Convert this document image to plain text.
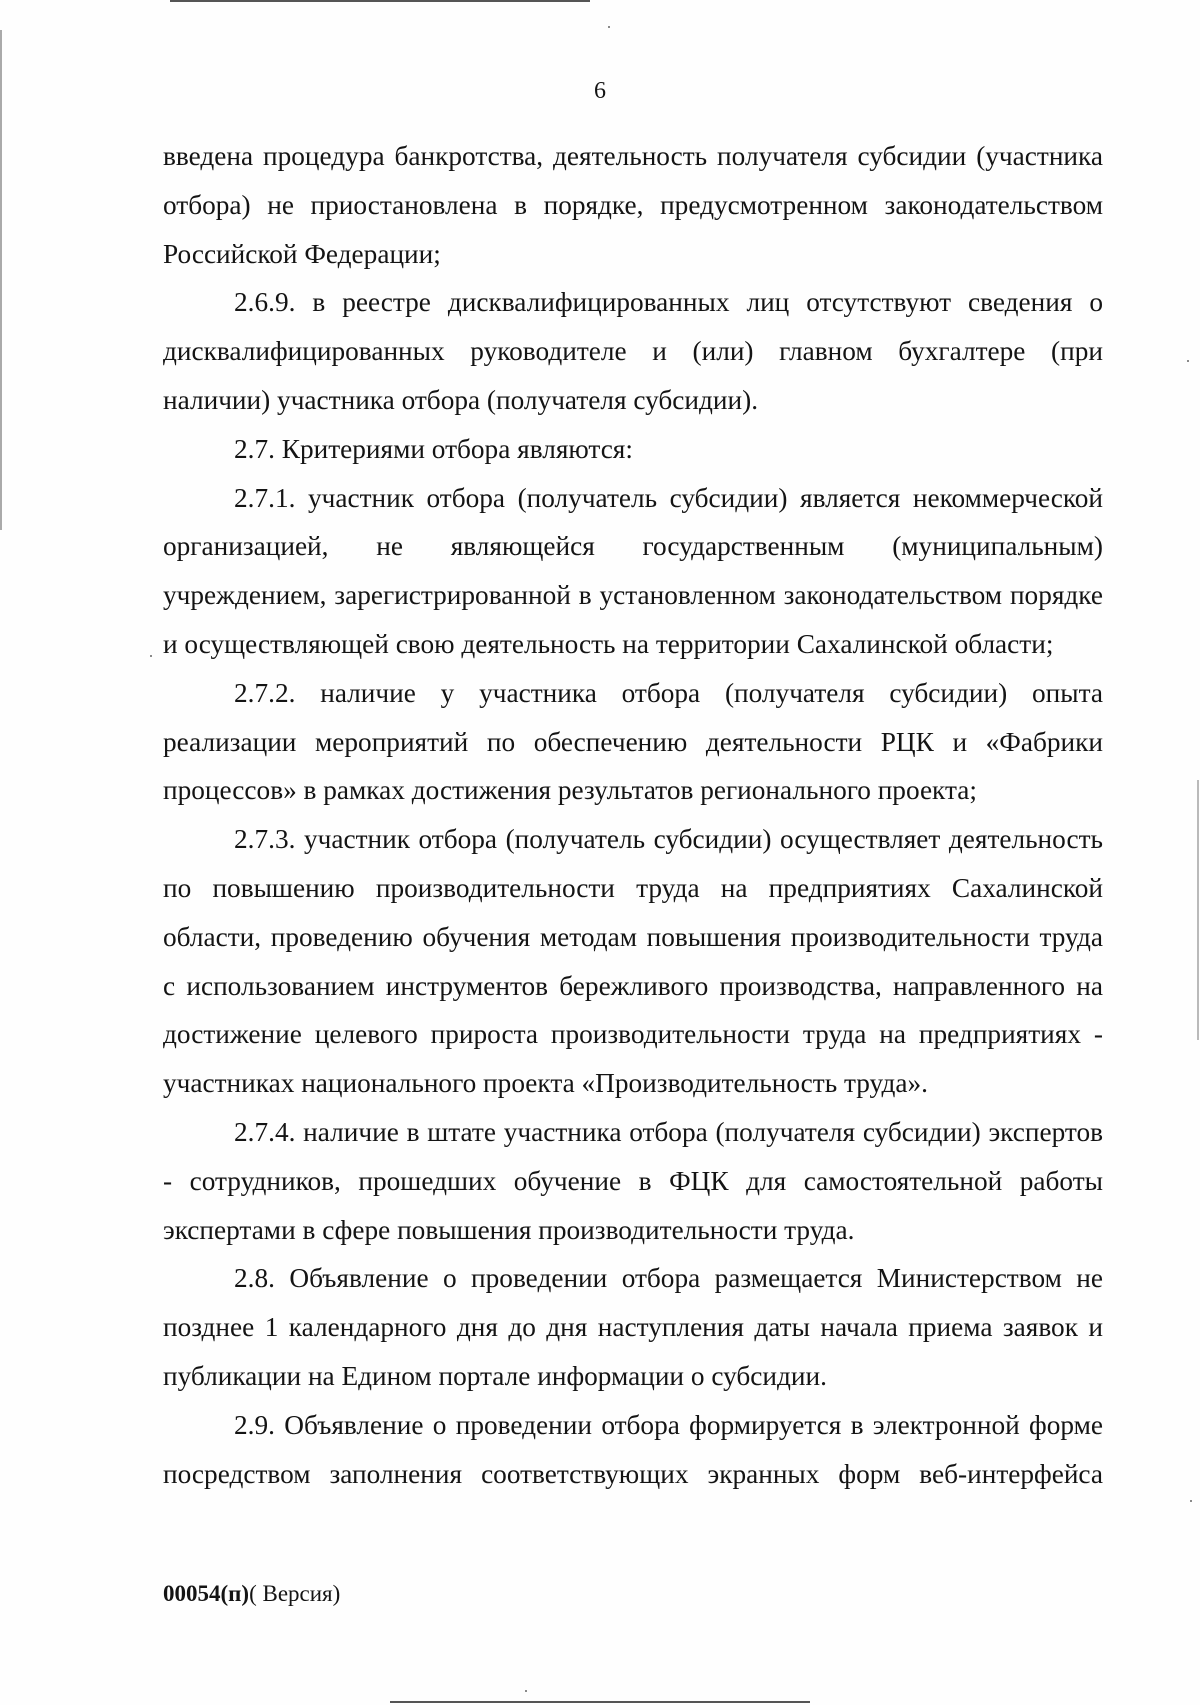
6

введена процедура банкротства, деятельность получателя субсидии (участника отбора) не приостановлена в порядке, предусмотренном законодательством Российской Федерации;

2.6.9. в реестре дисквалифицированных лиц отсутствуют сведения о дисквалифицированных руководителе и (или) главном бухгалтере (при наличии) участника отбора (получателя субсидии).

2.7. Критериями отбора являются:

2.7.1. участник отбора (получатель субсидии) является некоммерческой организацией, не являющейся государственным (муниципальным) учреждением, зарегистрированной в установленном законодательством порядке и осуществляющей свою деятельность на территории Сахалинской области;

2.7.2. наличие у участника отбора (получателя субсидии) опыта реализации мероприятий по обеспечению деятельности РЦК и «Фабрики процессов» в рамках достижения результатов регионального проекта;

2.7.3. участник отбора (получатель субсидии) осуществляет деятельность по повышению производительности труда на предприятиях Сахалинской области, проведению обучения методам повышения производительности труда с использованием инструментов бережливого производства, направленного на достижение целевого прироста производительности труда на предприятиях - участниках национального проекта «Производительность труда».

2.7.4. наличие в штате участника отбора (получателя субсидии) экспертов - сотрудников, прошедших обучение в ФЦК для самостоятельной работы экспертами в сфере повышения производительности труда.

2.8. Объявление о проведении отбора размещается Министерством не позднее 1 календарного дня до дня наступления даты начала приема заявок и публикации на Едином портале информации о субсидии.

2.9. Объявление о проведении отбора формируется в электронной форме посредством заполнения соответствующих экранных форм веб-интерфейса

00054(п)( Версия)
